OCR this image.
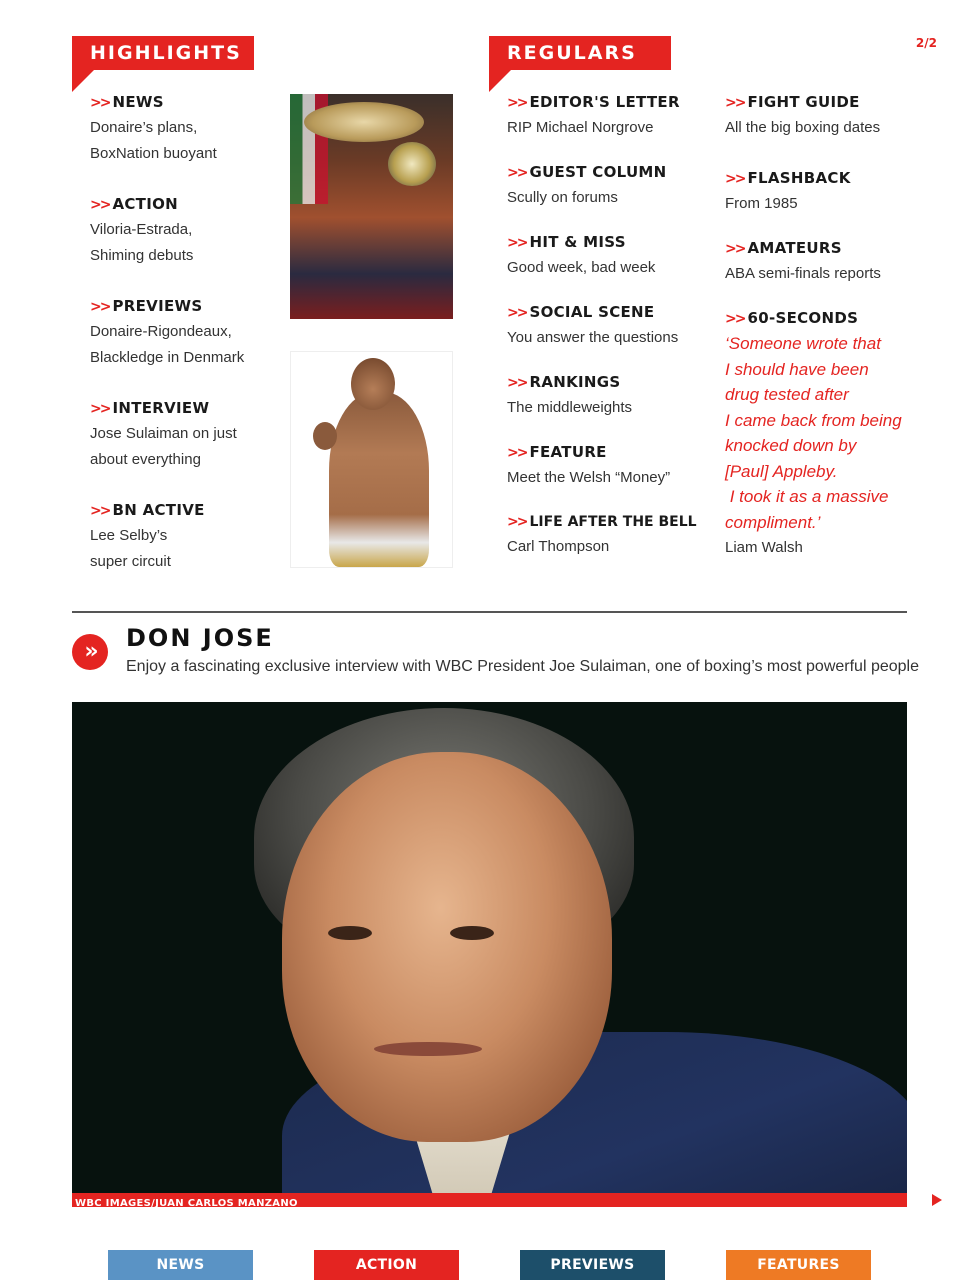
2/2
HIGHLIGHTS
>> NEWS
Donaire’s plans,
BoxNation buoyant
>> ACTION
Viloria-Estrada,
Shiming debuts
>> PREVIEWS
Donaire-Rigondeaux,
Blackledge in Denmark
>> INTERVIEW
Jose Sulaiman on just
about everything
>> BN ACTIVE
Lee Selby’s
super circuit
REGULARS
>> EDITOR'S LETTER
RIP Michael Norgrove
>> GUEST COLUMN
Scully on forums
>> HIT & MISS
Good week, bad week
>> SOCIAL SCENE
You answer the questions
>> RANKINGS
The middleweights
>> FEATURE
Meet the Welsh “Money”
>> LIFE AFTER THE BELL
Carl Thompson
>> FIGHT GUIDE
All the big boxing dates
>> FLASHBACK
From 1985
>> AMATEURS
ABA semi-finals reports
>> 60-SECONDS
‘Someone wrote that
I should have been
drug tested after
I came back from being
knocked down by
[Paul] Appleby.
I took it as a massive
compliment.’
Liam Walsh
»	DON JOSE
Enjoy a fascinating exclusive interview with WBC President Joe Sulaiman, one of boxing’s most powerful people
WBC IMAGES/JUAN CARLOS MANZANO
NEWS	ACTION	PREVIEWS	FEATURES
